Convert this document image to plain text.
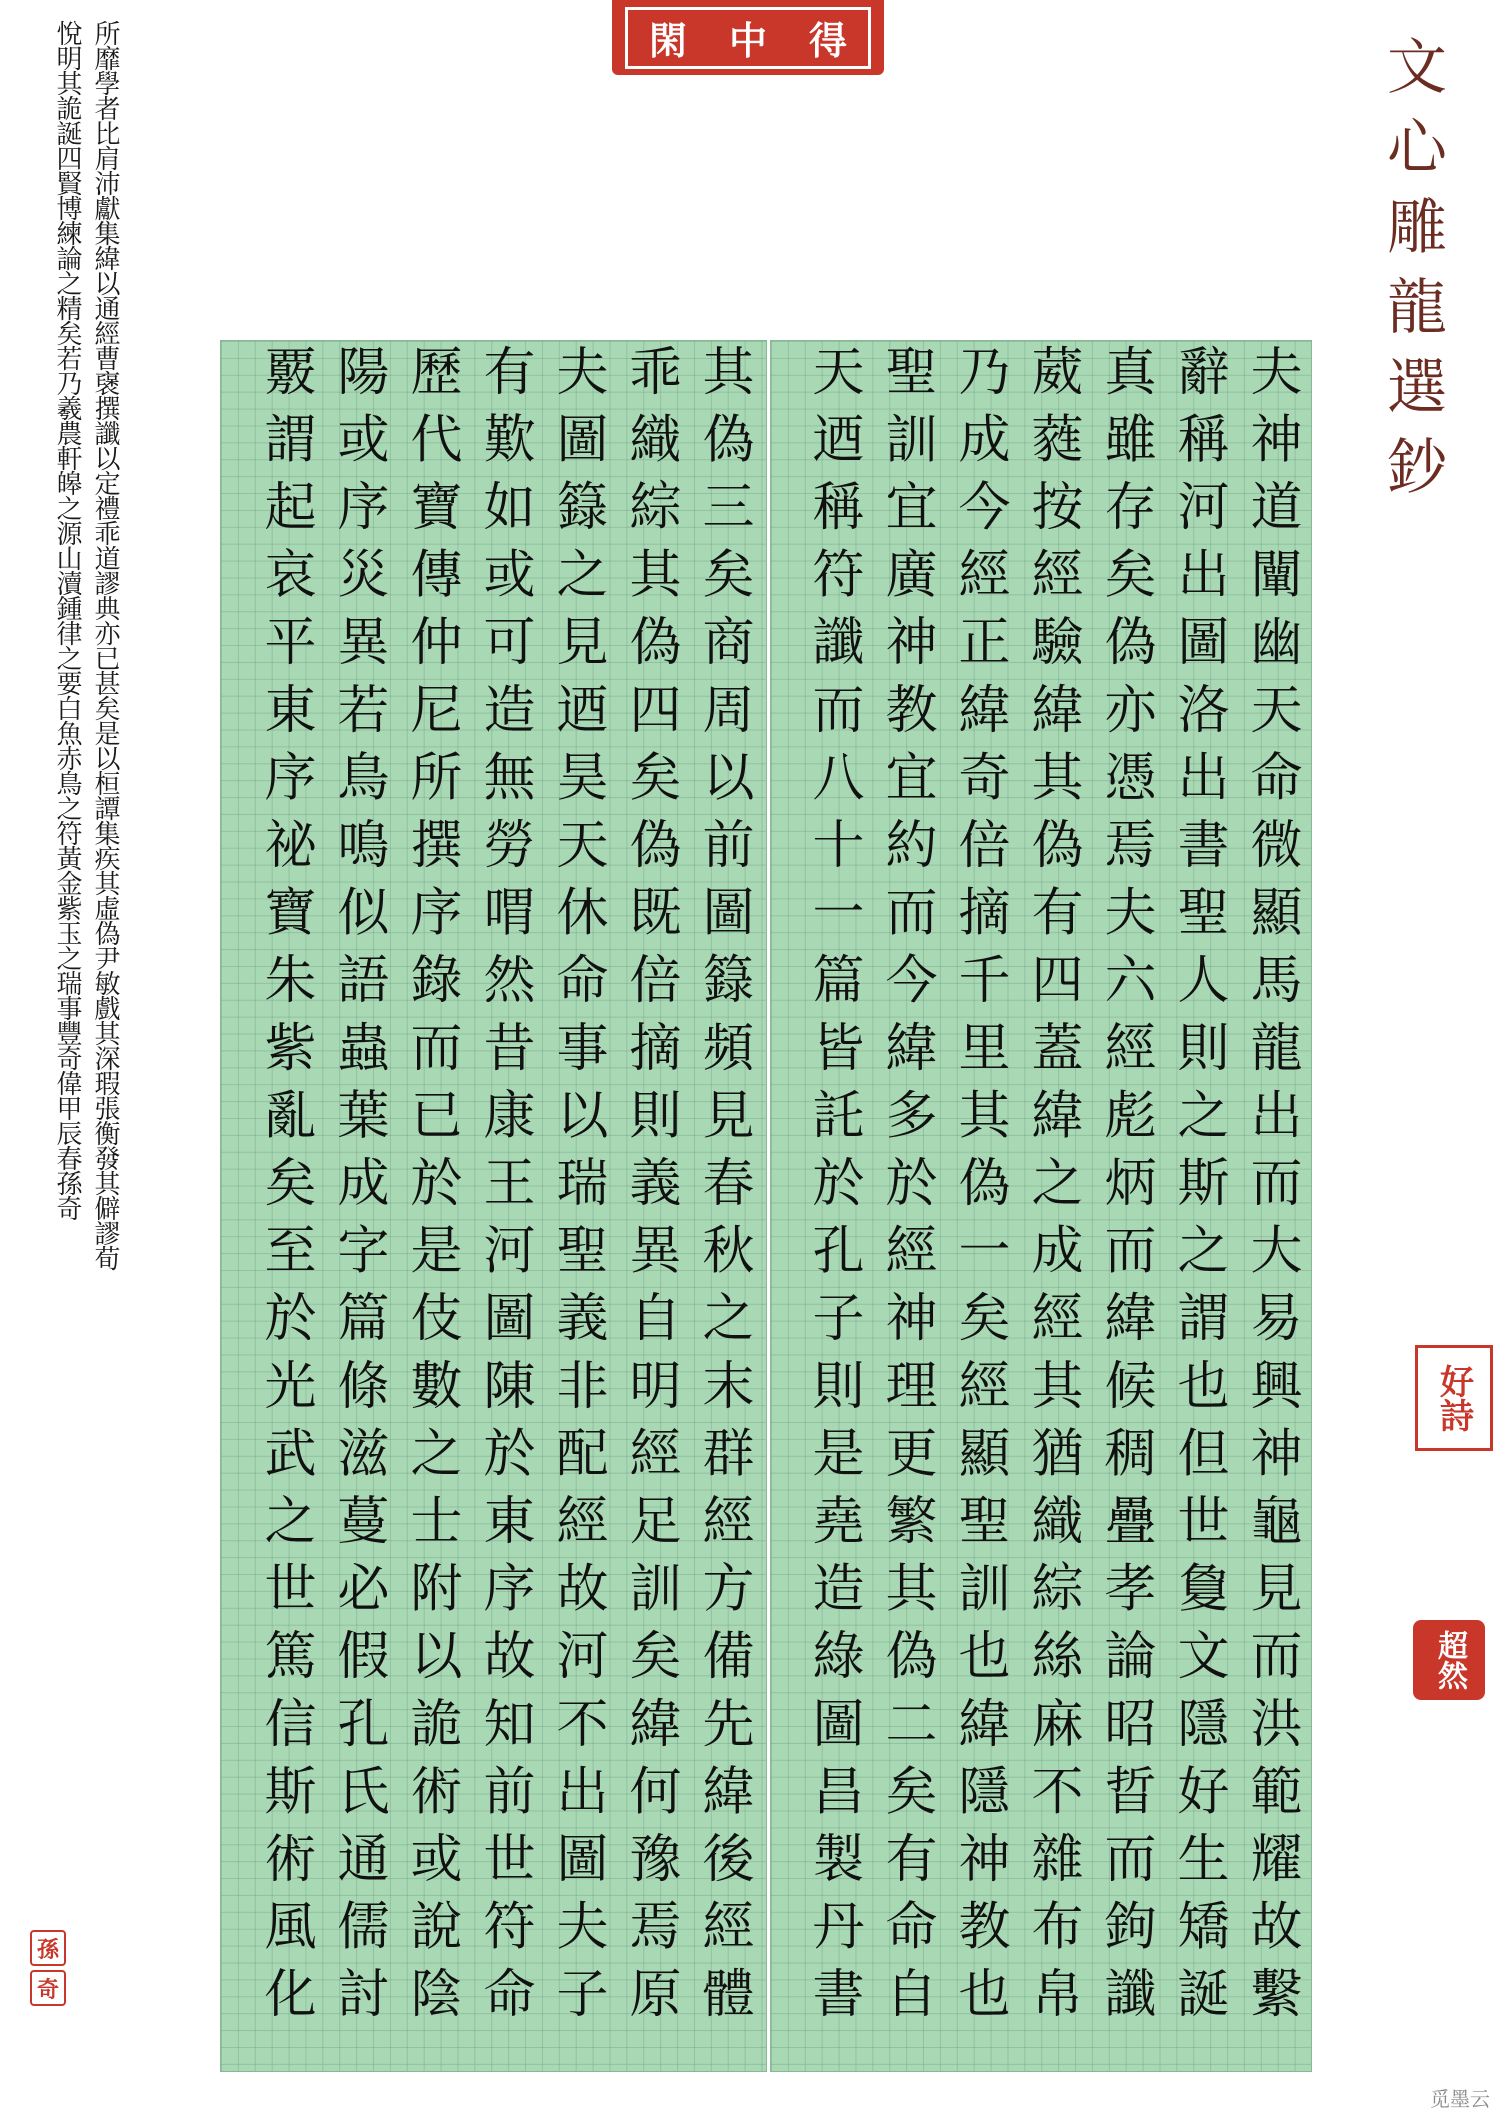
文心雕龍選鈔
閑 中 得
所靡學者比肩沛獻集緯以通經曹襃撰讖以定禮乖道謬典亦已甚矣是以桓譚集疾其虛偽尹敏戲其深瑕張衡發其僻謬荀
悅明其詭誕四賢博練論之精矣若乃羲農軒皞之源山瀆鍾律之要白魚赤鳥之符黃金紫玉之瑞事豐奇偉甲辰春孫奇	夫神道闡幽天命微顯馬龍出而大易興神龜見而洪範耀故繫
辭稱河出圖洛出書聖人則之斯之謂也但世敻文隱好生矯誕
真雖存矣偽亦憑焉夫六經彪炳而緯候稠疊孝論昭晢而鉤讖
葳蕤按經驗緯其偽有四蓋緯之成經其猶織綜絲麻不雜布帛
乃成今經正緯奇倍摘千里其偽一矣經顯聖訓也緯隱神教也
聖訓宜廣神教宜約而今緯多於經神理更繁其偽二矣有命自
天迺稱符讖而八十一篇皆託於孔子則是堯造綠圖昌製丹書
其偽三矣商周以前圖籙頻見春秋之末群經方備先緯後經體
乖織綜其偽四矣偽既倍摘則義異自明經足訓矣緯何豫焉原
夫圖籙之見迺昊天休命事以瑞聖義非配經故河不出圖夫子
有歎如或可造無勞喟然昔康王河圖陳於東序故知前世符命
歷代寶傳仲尼所撰序錄而已於是伎數之士附以詭術或說陰
陽或序災異若鳥鳴似語蟲葉成字篇條滋蔓必假孔氏通儒討
覈謂起哀平東序祕寶朱紫亂矣至於光武之世篤信斯術風化	好詩
超然
孫
奇
觅墨云
